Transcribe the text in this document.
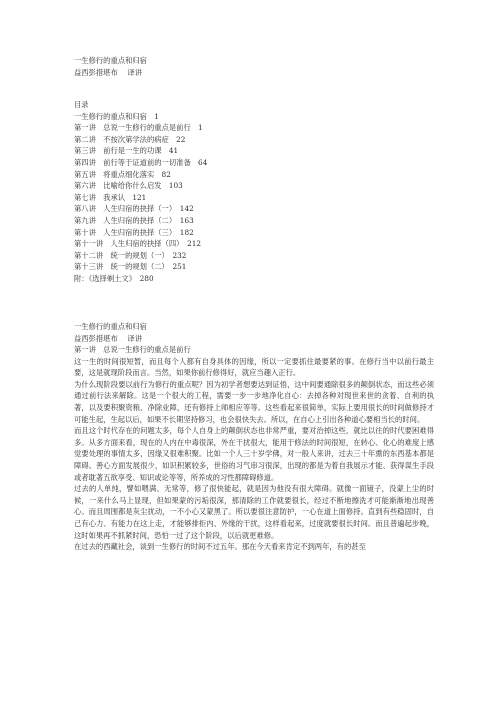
一生修行的重点和归宿
益西彭措堪布　 译讲
目录
一生修行的重点和归宿　1
第一讲　总说一生修行的重点是前行　1
第二讲　不按次第学法的病症　22
第三讲　前行是一生的功课　41
第四讲　前行等于证道前的一切准备　64
第五讲　将重点细化落实　82
第六讲　比喻给你什么启发　103
第七讲　我承认　121
第八讲　人生归宿的抉择（一）　142
第九讲　人生归宿的抉择（二）　163
第十讲　人生归宿的抉择（三）　182
第十一讲　人生归宿的抉择（四）　212
第十二讲　统一的规划（一）　232
第十三讲　统一的规划（二）　251
附：《选择剃土文》　280
一生修行的重点和归宿
益西彭措堪布　 译讲
第一讲　总说一生修行的重点是前行

这一生的时间很短暂，而且每个人都有自身具体的因缘，所以一定要抓住最要紧的事。在修行当中以前行最主要，这是就现阶段而言。当然，如果你前行修得好，就应当趣入正行。

为什么现阶段要以前行为修行的重点呢？因为初学者想要达到证悟，这中间要通除很多的颠倒状态，而这些必须通过前行法来解除。这是一个很大的工程，需要一步一步地净化自心：去掉各种对现世来世的贪着、自利的执著，以及要积聚资粮、净除业障，还有修持上师相应等等。这些看起来很简单，实际上要用很长的时间做修持才可能生起，生起以后，如果不长期坚持修习，也会很快失去。所以，在自心上引出各种道心要相当长的时间。

而且这个时代存在的问题太多，每个人自身上的颠倒状态也非常严重，要对治掉这些，就比以往的时代要困难得多。从多方面来看，现在的人内在中毒很深，外在干扰很大，能用于修法的时间很短，在转心、化心的难度上感觉要处理的事情太多，因缘又很难积聚。比如一个人三十岁学佛，对一般人来讲，过去三十年熏的东西基本都是障碍。善心方面发展很少，如识积累较多，世俗的习气串习很深，出现的都是为着自我展示才能、获得谋生手段或者耽著五欲享受、知识或论等等，所养成的习性都障碍修道。

过去的人单纯，譬如喂满、无常等，修了很快能起，就是因为他没有很大障碍。就像一面镜子，没蒙上尘的时候，一来什么马上显现，但如果蒙的污垢很深，那清除的工作就要很长，经过不断地擦洗才可能渐渐地出现善心。而且周围都是灰尘扰动，一不小心又蒙黑了。所以要很注意防护，一心在道上面修持。直到有些稳固时，自己有心力、有能力在这上走，才能够排拒内、外缘的干扰，这样看起来，过度就要很长时间。而且普遍起步晚，这时如果再不抓紧时间，恐怕一过了这个阶段，以后就更难修。

在过去的西藏社会，谈到一生修行的时间不过五年。那在今天看来肯定不到两年，有的甚至
